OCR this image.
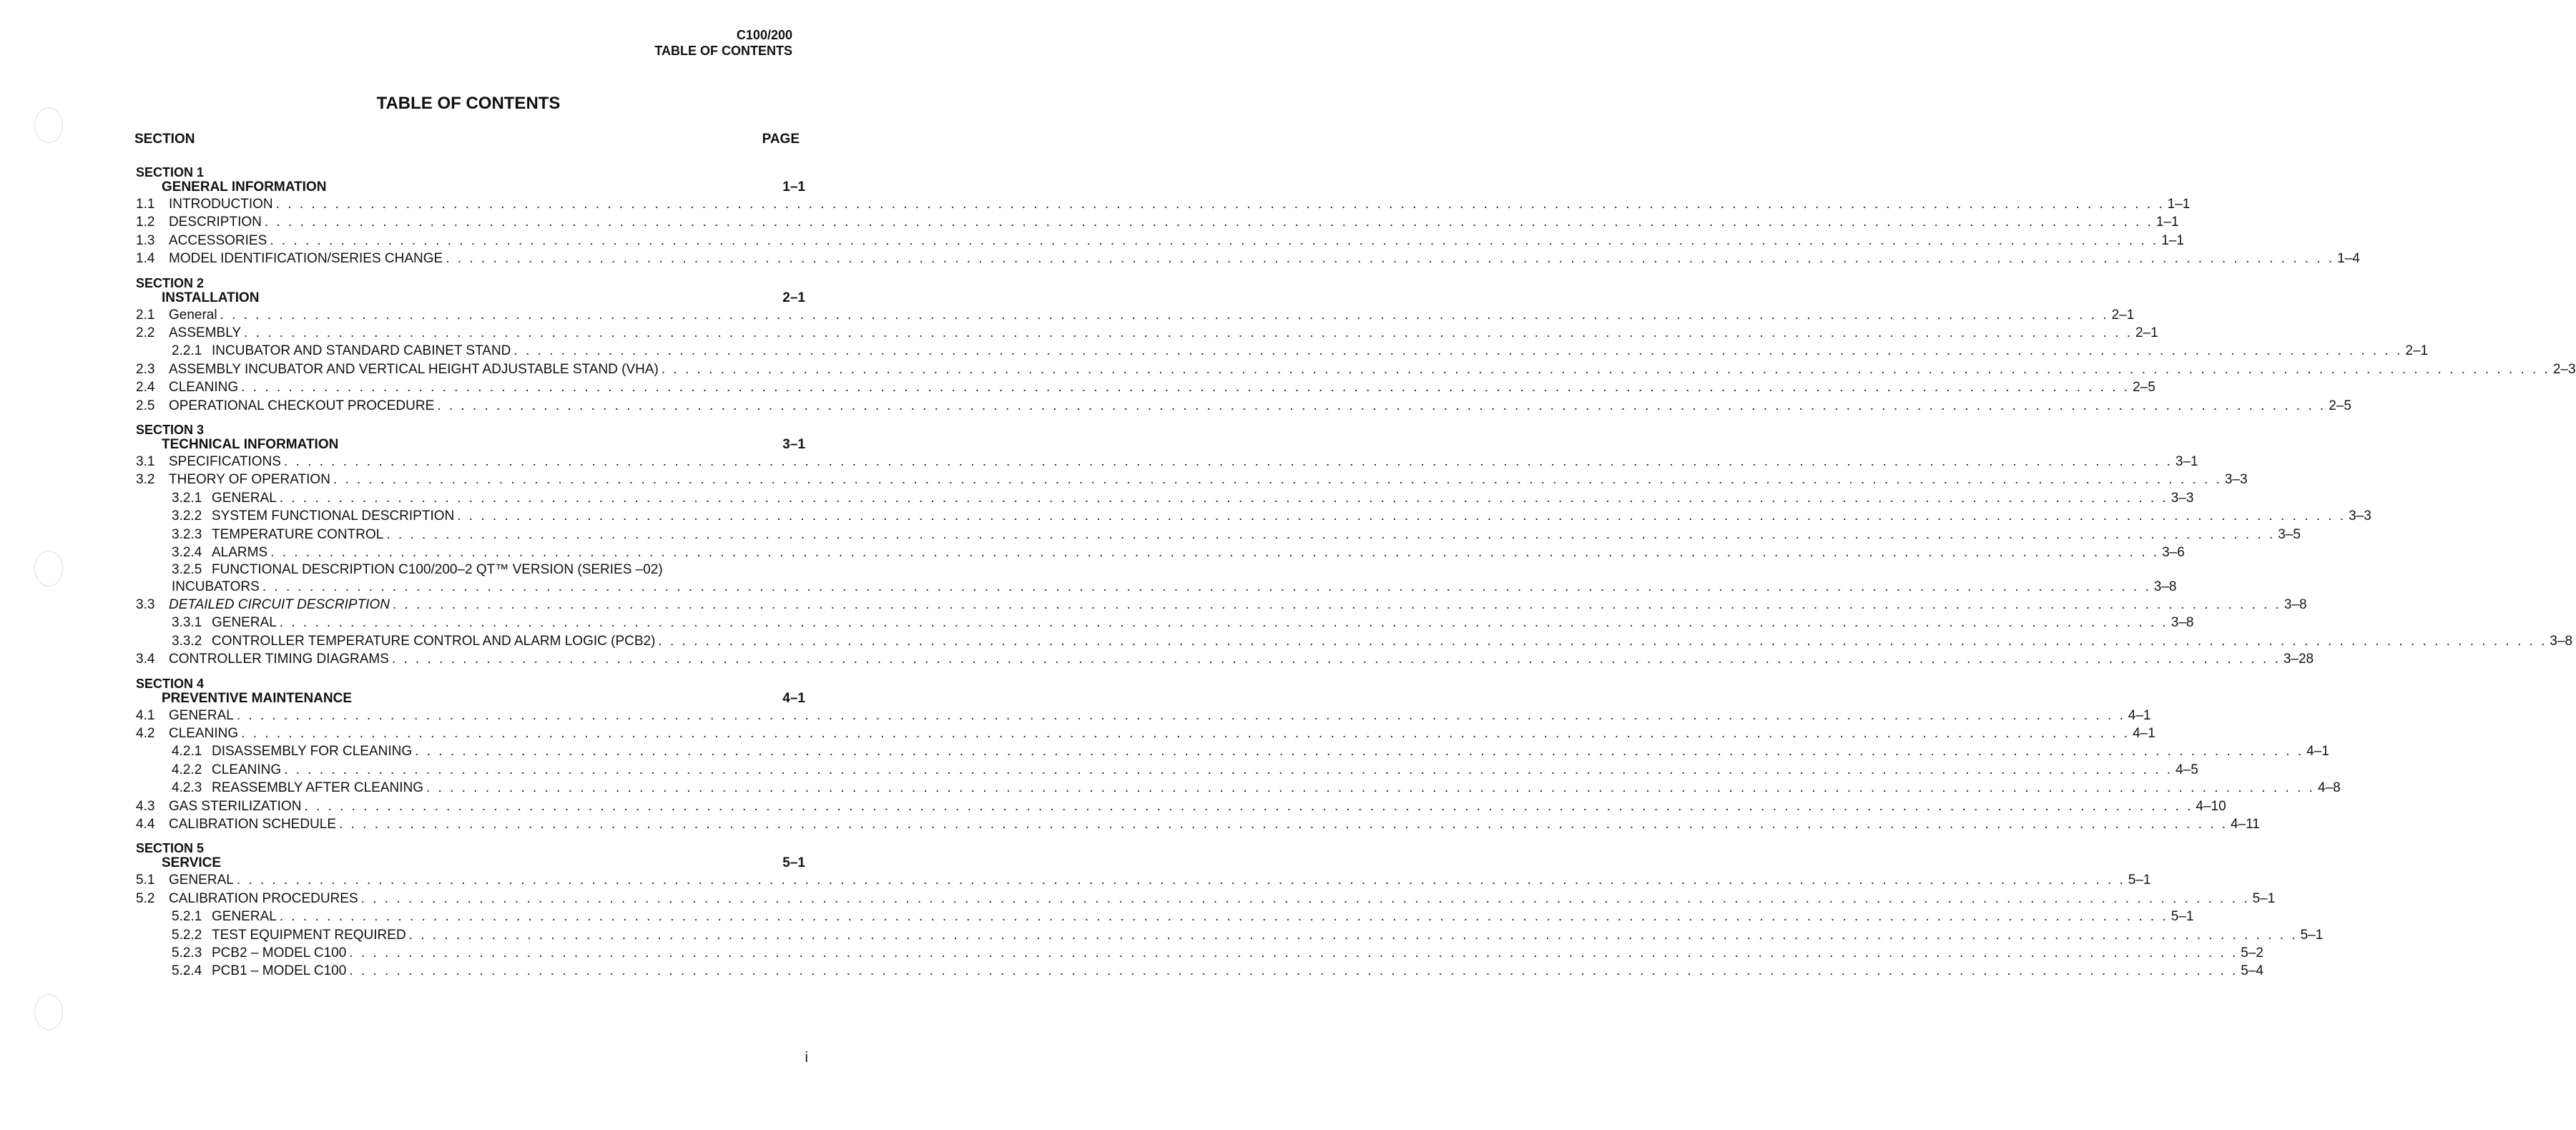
C100/200
TABLE OF CONTENTS
TABLE OF CONTENTS
SECTION	PAGE
SECTION 1
GENERAL INFORMATION	1–1
1.1	INTRODUCTION . . . . . . . . . . . . . . . . . . . . . . . . . . . . . . . . . . . . . . . . . . . . . . . . . . . . . . . . . . . . . . . . . . . . . . . . . . . . . . . . . . . . . . . . . . . . . . . . . . . . . . . . . . . . . . . . . . . . . . . . . . . . . . . . . . . . . . . . . . . . . . . . . . . . . . . . . . . . . . . . 1–1
1.2	DESCRIPTION . . . . . . . . . . . . . . . . . . . . . . . . . . . . . . . . . . . . . . . . . . . . . . . . . . . . . . . . . . . . . . . . . . . . . . . . . . . . . . . . . . . . . . . . . . . . . . . . . . . . . . . . . . . . . . . . . . . . . . . . . . . . . . . . . . . . . . . . . . . . . . . . . . . . . . . . . . . . . . . . 1–1
1.3	ACCESSORIES . . . . . . . . . . . . . . . . . . . . . . . . . . . . . . . . . . . . . . . . . . . . . . . . . . . . . . . . . . . . . . . . . . . . . . . . . . . . . . . . . . . . . . . . . . . . . . . . . . . . . . . . . . . . . . . . . . . . . . . . . . . . . . . . . . . . . . . . . . . . . . . . . . . . . . . . . . . . . . . . 1–1
1.4	MODEL IDENTIFICATION/SERIES CHANGE . . . . . . . . . . . . . . . . . . . . . . . . . . . . . . . . . . . . . . . . . . . . . . . . . . . . . . . . . . . . . . . . . . . . . . . . . . . . . . . . . . . . . . . . . . . . . . . . . . . . . . . . . . . . . . . . . . . . . . . . . . . . . . . . . . . . . . . . . . . . . . . . . . . . . . . . . . . . . . . . 1–4
SECTION 2
INSTALLATION	2–1
2.1	General . . . . . . . . . . . . . . . . . . . . . . . . . . . . . . . . . . . . . . . . . . . . . . . . . . . . . . . . . . . . . . . . . . . . . . . . . . . . . . . . . . . . . . . . . . . . . . . . . . . . . . . . . . . . . . . . . . . . . . . . . . . . . . . . . . . . . . . . . . . . . . . . . . . . . . . . . . . . . . . . 2–1
2.2	ASSEMBLY . . . . . . . . . . . . . . . . . . . . . . . . . . . . . . . . . . . . . . . . . . . . . . . . . . . . . . . . . . . . . . . . . . . . . . . . . . . . . . . . . . . . . . . . . . . . . . . . . . . . . . . . . . . . . . . . . . . . . . . . . . . . . . . . . . . . . . . . . . . . . . . . . . . . . . . . . . . . . . . . 2–1
2.2.1 INCUBATOR AND STANDARD CABINET STAND . . . . . . . . . . . . . . . . . . . . . . . . . . . . . . . . . . . . . . . . . . . . . . . . . . . . . . . . . . . . . . . . . . . . . . . . . . . . . . . . . . . . . . . . . . . . . . . . . . . . . . . . . . . . . . . . . . . . . . . . . . . . . . . . . . . . . . . . . . . . . . . . . . . . . . . . . . . . . . . . 2–1
2.3	ASSEMBLY INCUBATOR AND VERTICAL HEIGHT ADJUSTABLE STAND (VHA) . . . . . . . . . . . . . . . . . . . . . . . . . . . . . . . . . . . . . . . . . . . . . . . . . . . . . . . . . . . . . . . . . . . . . . . . . . . . . . . . . . . . . . . . . . . . . . . . . . . . . . . . . . . . . . . . . . . . . . . . . . . . . . . . . . . . . . . . . . . . . . . . . . . . . . . . . . . . . . . . 2–3
2.4	CLEANING . . . . . . . . . . . . . . . . . . . . . . . . . . . . . . . . . . . . . . . . . . . . . . . . . . . . . . . . . . . . . . . . . . . . . . . . . . . . . . . . . . . . . . . . . . . . . . . . . . . . . . . . . . . . . . . . . . . . . . . . . . . . . . . . . . . . . . . . . . . . . . . . . . . . . . . . . . . . . . . . 2–5
2.5	OPERATIONAL CHECKOUT PROCEDURE . . . . . . . . . . . . . . . . . . . . . . . . . . . . . . . . . . . . . . . . . . . . . . . . . . . . . . . . . . . . . . . . . . . . . . . . . . . . . . . . . . . . . . . . . . . . . . . . . . . . . . . . . . . . . . . . . . . . . . . . . . . . . . . . . . . . . . . . . . . . . . . . . . . . . . . . . . . . . . . . 2–5
SECTION 3
TECHNICAL INFORMATION	3–1
3.1	SPECIFICATIONS . . . . . . . . . . . . . . . . . . . . . . . . . . . . . . . . . . . . . . . . . . . . . . . . . . . . . . . . . . . . . . . . . . . . . . . . . . . . . . . . . . . . . . . . . . . . . . . . . . . . . . . . . . . . . . . . . . . . . . . . . . . . . . . . . . . . . . . . . . . . . . . . . . . . . . . . . . . . . . . . 3–1
3.2	THEORY OF OPERATION . . . . . . . . . . . . . . . . . . . . . . . . . . . . . . . . . . . . . . . . . . . . . . . . . . . . . . . . . . . . . . . . . . . . . . . . . . . . . . . . . . . . . . . . . . . . . . . . . . . . . . . . . . . . . . . . . . . . . . . . . . . . . . . . . . . . . . . . . . . . . . . . . . . . . . . . . . . . . . . . 3–3
3.2.1 GENERAL . . . . . . . . . . . . . . . . . . . . . . . . . . . . . . . . . . . . . . . . . . . . . . . . . . . . . . . . . . . . . . . . . . . . . . . . . . . . . . . . . . . . . . . . . . . . . . . . . . . . . . . . . . . . . . . . . . . . . . . . . . . . . . . . . . . . . . . . . . . . . . . . . . . . . . . . . . . . . . . . 3–3
3.2.2 SYSTEM FUNCTIONAL DESCRIPTION . . . . . . . . . . . . . . . . . . . . . . . . . . . . . . . . . . . . . . . . . . . . . . . . . . . . . . . . . . . . . . . . . . . . . . . . . . . . . . . . . . . . . . . . . . . . . . . . . . . . . . . . . . . . . . . . . . . . . . . . . . . . . . . . . . . . . . . . . . . . . . . . . . . . . . . . . . . . . . . . 3–3
3.2.3 TEMPERATURE CONTROL . . . . . . . . . . . . . . . . . . . . . . . . . . . . . . . . . . . . . . . . . . . . . . . . . . . . . . . . . . . . . . . . . . . . . . . . . . . . . . . . . . . . . . . . . . . . . . . . . . . . . . . . . . . . . . . . . . . . . . . . . . . . . . . . . . . . . . . . . . . . . . . . . . . . . . . . . . . . . . . . 3–5
3.2.4 ALARMS . . . . . . . . . . . . . . . . . . . . . . . . . . . . . . . . . . . . . . . . . . . . . . . . . . . . . . . . . . . . . . . . . . . . . . . . . . . . . . . . . . . . . . . . . . . . . . . . . . . . . . . . . . . . . . . . . . . . . . . . . . . . . . . . . . . . . . . . . . . . . . . . . . . . . . . . . . . . . . . . 3–6
3.2.5 FUNCTIONAL DESCRIPTION C100/200–2 QT™ VERSION (SERIES –02)
INCUBATORS . . . . . . . . . . . . . . . . . . . . . . . . . . . . . . . . . . . . . . . . . . . . . . . . . . . . . . . . . . . . . . . . . . . . . . . . . . . . . . . . . . . . . . . . . . . . . . . . . . . . . . . . . . . . . . . . . . . . . . . . . . . . . . . . . . . . . . . . . . . . . . . . . . . . . . . . . . . . . . . . 3–8
3.3	DETAILED CIRCUIT DESCRIPTION . . . . . . . . . . . . . . . . . . . . . . . . . . . . . . . . . . . . . . . . . . . . . . . . . . . . . . . . . . . . . . . . . . . . . . . . . . . . . . . . . . . . . . . . . . . . . . . . . . . . . . . . . . . . . . . . . . . . . . . . . . . . . . . . . . . . . . . . . . . . . . . . . . . . . . . . . . . . . . . . 3–8
3.3.1 GENERAL . . . . . . . . . . . . . . . . . . . . . . . . . . . . . . . . . . . . . . . . . . . . . . . . . . . . . . . . . . . . . . . . . . . . . . . . . . . . . . . . . . . . . . . . . . . . . . . . . . . . . . . . . . . . . . . . . . . . . . . . . . . . . . . . . . . . . . . . . . . . . . . . . . . . . . . . . . . . . . . . 3–8
3.3.2 CONTROLLER TEMPERATURE CONTROL AND ALARM LOGIC (PCB2) . . . . . . . . . . . . . . . . . . . . . . . . . . . . . . . . . . . . . . . . . . . . . . . . . . . . . . . . . . . . . . . . . . . . . . . . . . . . . . . . . . . . . . . . . . . . . . . . . . . . . . . . . . . . . . . . . . . . . . . . . . . . . . . . . . . . . . . . . . . . . . . . . . . . . . . . . . . . . . . . 3–8
3.4	CONTROLLER TIMING DIAGRAMS . . . . . . . . . . . . . . . . . . . . . . . . . . . . . . . . . . . . . . . . . . . . . . . . . . . . . . . . . . . . . . . . . . . . . . . . . . . . . . . . . . . . . . . . . . . . . . . . . . . . . . . . . . . . . . . . . . . . . . . . . . . . . . . . . . . . . . . . . . . . . . . . . . . . . . . . . . . . . . . . 3–28
SECTION 4
PREVENTIVE MAINTENANCE	4–1
4.1	GENERAL . . . . . . . . . . . . . . . . . . . . . . . . . . . . . . . . . . . . . . . . . . . . . . . . . . . . . . . . . . . . . . . . . . . . . . . . . . . . . . . . . . . . . . . . . . . . . . . . . . . . . . . . . . . . . . . . . . . . . . . . . . . . . . . . . . . . . . . . . . . . . . . . . . . . . . . . . . . . . . . . 4–1
4.2	CLEANING . . . . . . . . . . . . . . . . . . . . . . . . . . . . . . . . . . . . . . . . . . . . . . . . . . . . . . . . . . . . . . . . . . . . . . . . . . . . . . . . . . . . . . . . . . . . . . . . . . . . . . . . . . . . . . . . . . . . . . . . . . . . . . . . . . . . . . . . . . . . . . . . . . . . . . . . . . . . . . . . 4–1
4.2.1 DISASSEMBLY FOR CLEANING . . . . . . . . . . . . . . . . . . . . . . . . . . . . . . . . . . . . . . . . . . . . . . . . . . . . . . . . . . . . . . . . . . . . . . . . . . . . . . . . . . . . . . . . . . . . . . . . . . . . . . . . . . . . . . . . . . . . . . . . . . . . . . . . . . . . . . . . . . . . . . . . . . . . . . . . . . . . . . . . 4–1
4.2.2 CLEANING . . . . . . . . . . . . . . . . . . . . . . . . . . . . . . . . . . . . . . . . . . . . . . . . . . . . . . . . . . . . . . . . . . . . . . . . . . . . . . . . . . . . . . . . . . . . . . . . . . . . . . . . . . . . . . . . . . . . . . . . . . . . . . . . . . . . . . . . . . . . . . . . . . . . . . . . . . . . . . . . 4–5
4.2.3 REASSEMBLY AFTER CLEANING . . . . . . . . . . . . . . . . . . . . . . . . . . . . . . . . . . . . . . . . . . . . . . . . . . . . . . . . . . . . . . . . . . . . . . . . . . . . . . . . . . . . . . . . . . . . . . . . . . . . . . . . . . . . . . . . . . . . . . . . . . . . . . . . . . . . . . . . . . . . . . . . . . . . . . . . . . . . . . . . 4–8
4.3	GAS STERILIZATION . . . . . . . . . . . . . . . . . . . . . . . . . . . . . . . . . . . . . . . . . . . . . . . . . . . . . . . . . . . . . . . . . . . . . . . . . . . . . . . . . . . . . . . . . . . . . . . . . . . . . . . . . . . . . . . . . . . . . . . . . . . . . . . . . . . . . . . . . . . . . . . . . . . . . . . . . . . . . . . . 4–10
4.4	CALIBRATION SCHEDULE . . . . . . . . . . . . . . . . . . . . . . . . . . . . . . . . . . . . . . . . . . . . . . . . . . . . . . . . . . . . . . . . . . . . . . . . . . . . . . . . . . . . . . . . . . . . . . . . . . . . . . . . . . . . . . . . . . . . . . . . . . . . . . . . . . . . . . . . . . . . . . . . . . . . . . . . . . . . . . . . 4–11
SECTION 5
SERVICE	5–1
5.1	GENERAL . . . . . . . . . . . . . . . . . . . . . . . . . . . . . . . . . . . . . . . . . . . . . . . . . . . . . . . . . . . . . . . . . . . . . . . . . . . . . . . . . . . . . . . . . . . . . . . . . . . . . . . . . . . . . . . . . . . . . . . . . . . . . . . . . . . . . . . . . . . . . . . . . . . . . . . . . . . . . . . . 5–1
5.2	CALIBRATION PROCEDURES . . . . . . . . . . . . . . . . . . . . . . . . . . . . . . . . . . . . . . . . . . . . . . . . . . . . . . . . . . . . . . . . . . . . . . . . . . . . . . . . . . . . . . . . . . . . . . . . . . . . . . . . . . . . . . . . . . . . . . . . . . . . . . . . . . . . . . . . . . . . . . . . . . . . . . . . . . . . . . . . 5–1
5.2.1 GENERAL . . . . . . . . . . . . . . . . . . . . . . . . . . . . . . . . . . . . . . . . . . . . . . . . . . . . . . . . . . . . . . . . . . . . . . . . . . . . . . . . . . . . . . . . . . . . . . . . . . . . . . . . . . . . . . . . . . . . . . . . . . . . . . . . . . . . . . . . . . . . . . . . . . . . . . . . . . . . . . . . 5–1
5.2.2 TEST EQUIPMENT REQUIRED . . . . . . . . . . . . . . . . . . . . . . . . . . . . . . . . . . . . . . . . . . . . . . . . . . . . . . . . . . . . . . . . . . . . . . . . . . . . . . . . . . . . . . . . . . . . . . . . . . . . . . . . . . . . . . . . . . . . . . . . . . . . . . . . . . . . . . . . . . . . . . . . . . . . . . . . . . . . . . . . 5–1
5.2.3 PCB2 – MODEL C100 . . . . . . . . . . . . . . . . . . . . . . . . . . . . . . . . . . . . . . . . . . . . . . . . . . . . . . . . . . . . . . . . . . . . . . . . . . . . . . . . . . . . . . . . . . . . . . . . . . . . . . . . . . . . . . . . . . . . . . . . . . . . . . . . . . . . . . . . . . . . . . . . . . . . . . . . . . . . . . . . 5–2
5.2.4 PCB1 – MODEL C100 . . . . . . . . . . . . . . . . . . . . . . . . . . . . . . . . . . . . . . . . . . . . . . . . . . . . . . . . . . . . . . . . . . . . . . . . . . . . . . . . . . . . . . . . . . . . . . . . . . . . . . . . . . . . . . . . . . . . . . . . . . . . . . . . . . . . . . . . . . . . . . . . . . . . . . . . . . . . . . . . 5–4
i
